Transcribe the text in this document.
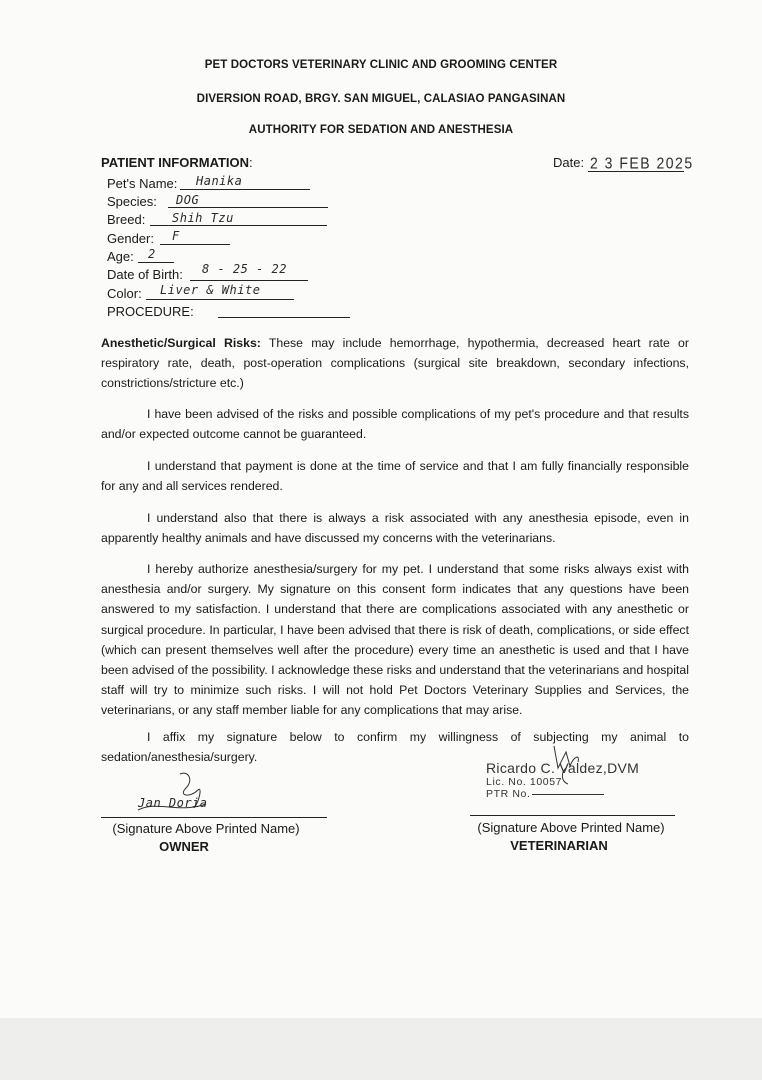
PET DOCTORS VETERINARY CLINIC AND GROOMING CENTER
DIVERSION ROAD, BRGY. SAN MIGUEL, CALASIAO PANGASINAN
AUTHORITY FOR SEDATION AND ANESTHESIA
PATIENT INFORMATION:	Date: 2 3 FEB 2025
Pet's Name: Hanika
Species: DOG
Breed: Shih Tzu
Gender: F
Age: 2
Date of Birth: 8 - 25 - 22
Color: Liver & White
PROCEDURE:
Anesthetic/Surgical Risks: These may include hemorrhage, hypothermia, decreased heart rate or respiratory rate, death, post-operation complications (surgical site breakdown, secondary infections, constrictions/stricture etc.)
I have been advised of the risks and possible complications of my pet's procedure and that results and/or expected outcome cannot be guaranteed.
I understand that payment is done at the time of service and that I am fully financially responsible for any and all services rendered.
I understand also that there is always a risk associated with any anesthesia episode, even in apparently healthy animals and have discussed my concerns with the veterinarians.
I hereby authorize anesthesia/surgery for my pet. I understand that some risks always exist with anesthesia and/or surgery. My signature on this consent form indicates that any questions have been answered to my satisfaction. I understand that there are complications associated with any anesthetic or surgical procedure. In particular, I have been advised that there is risk of death, complications, or side effect (which can present themselves well after the procedure) every time an anesthetic is used and that I have been advised of the possibility. I acknowledge these risks and understand that the veterinarians and hospital staff will try to minimize such risks. I will not hold Pet Doctors Veterinary Supplies and Services, the veterinarians, or any staff member liable for any complications that may arise.
I affix my signature below to confirm my willingness of subjecting my animal to sedation/anesthesia/surgery.
Jan Doria
(Signature Above Printed Name)
OWNER
Ricardo C. Valdez,DVM
Lic. No. 10057
PTR No.
(Signature Above Printed Name)
VETERINARIAN
